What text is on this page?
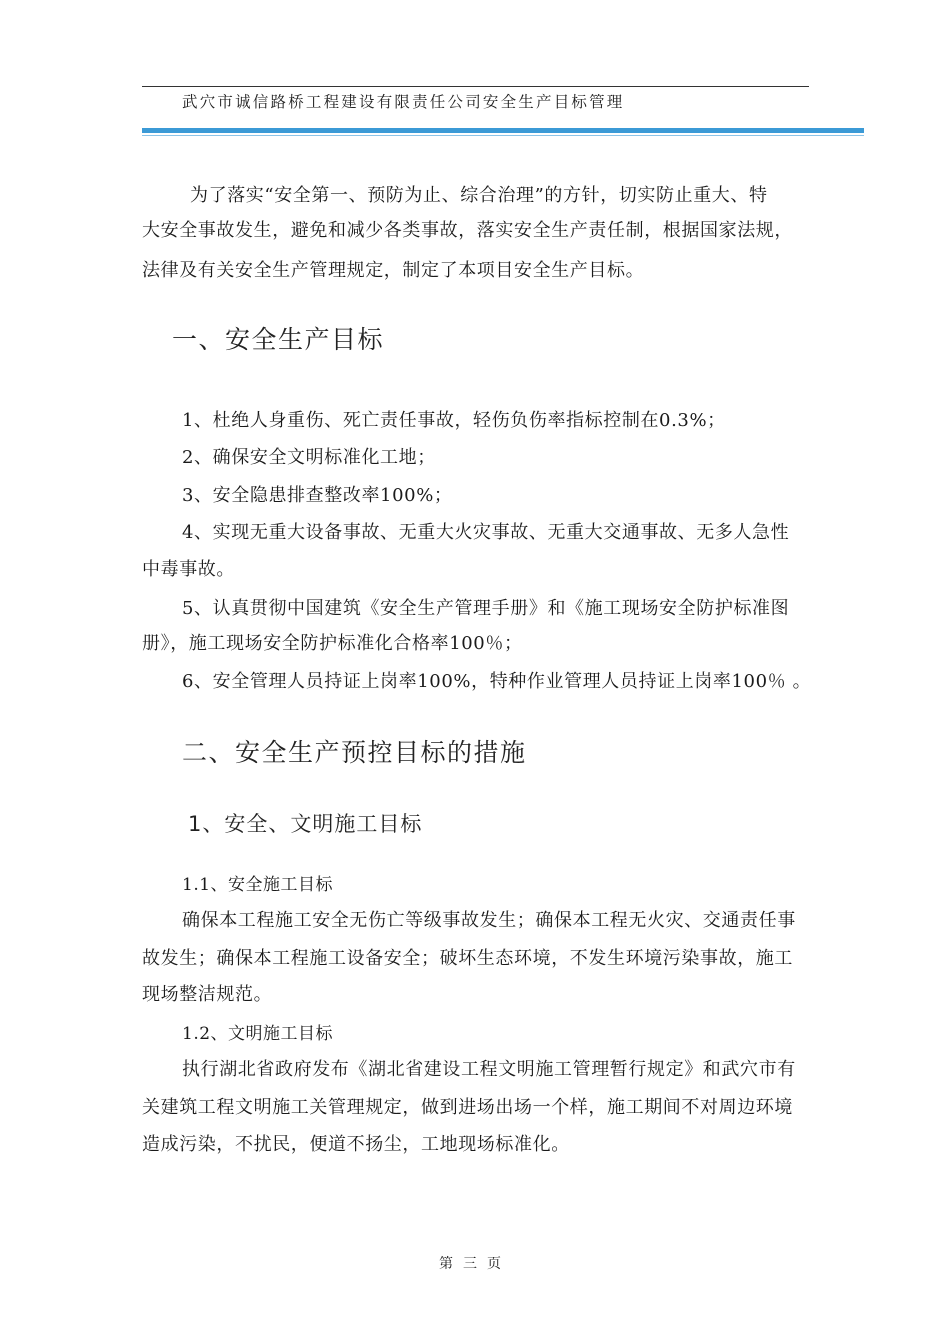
武穴市诚信路桥工程建设有限责任公司安全生产目标管理
为了落实“安全第一、预防为止、综合治理”的方针，切实防止重大、特
大安全事故发生，避免和减少各类事故，落实安全生产责任制，根据国家法规，
法律及有关安全生产管理规定，制定了本项目安全生产目标。
一、安全生产目标
1、杜绝人身重伤、死亡责任事故，轻伤负伤率指标控制在0.3%；
2、确保安全文明标准化工地；
3、安全隐患排查整改率100%；
4、实现无重大设备事故、无重大火灾事故、无重大交通事故、无多人急性
中毒事故。
5、认真贯彻中国建筑《安全生产管理手册》和《施工现场安全防护标准图
册》，施工现场安全防护标准化合格率100％；
6、安全管理人员持证上岗率100%，特种作业管理人员持证上岗率100％ 。
二、安全生产预控目标的措施
1、安全、文明施工目标
1.1、安全施工目标
确保本工程施工安全无伤亡等级事故发生；确保本工程无火灾、交通责任事
故发生；确保本工程施工设备安全；破坏生态环境，不发生环境污染事故，施工
现场整洁规范。
1.2、文明施工目标
执行湖北省政府发布《湖北省建设工程文明施工管理暂行规定》和武穴市有
关建筑工程文明施工关管理规定，做到进场出场一个样，施工期间不对周边环境
造成污染，不扰民，便道不扬尘，工地现场标准化。
第三页
